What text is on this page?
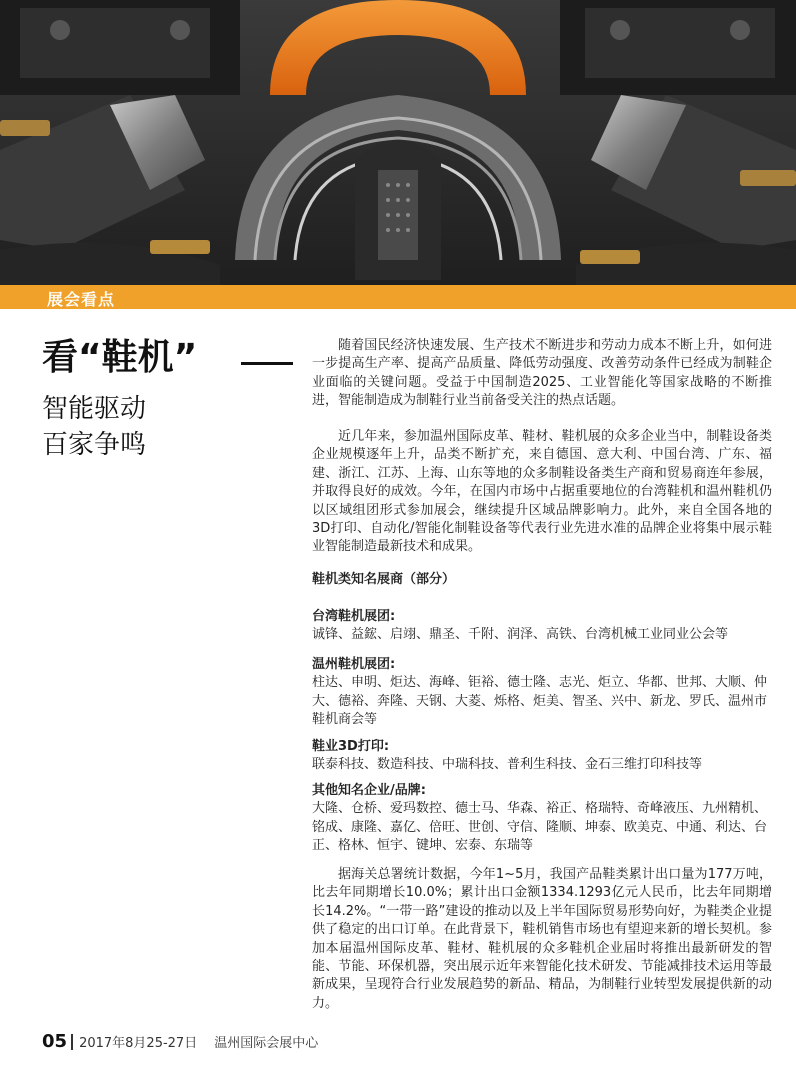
展会看点
看“鞋机”
智能驱动
百家争鸣
随着国民经济快速发展、生产技术不断进步和劳动力成本不断上升，如何进一步提高生产率、提高产品质量、降低劳动强度、改善劳动条件已经成为制鞋企业面临的关键问题。受益于中国制造2025、工业智能化等国家战略的不断推进，智能制造成为制鞋行业当前备受关注的热点话题。
近几年来，参加温州国际皮革、鞋材、鞋机展的众多企业当中，制鞋设备类企业规模逐年上升，品类不断扩充，来自德国、意大利、中国台湾、广东、福建、浙江、江苏、上海、山东等地的众多制鞋设备类生产商和贸易商连年参展，并取得良好的成效。今年，在国内市场中占据重要地位的台湾鞋机和温州鞋机仍以区域组团形式参加展会，继续提升区域品牌影响力。此外，来自全国各地的3D打印、自动化/智能化制鞋设备等代表行业先进水准的品牌企业将集中展示鞋业智能制造最新技术和成果。
鞋机类知名展商（部分）
台湾鞋机展团:
诚锋、益鋐、启翊、鼎圣、千附、润泽、高铁、台湾机械工业同业公会等
温州鞋机展团:
柱达、申明、炬达、海峰、钜裕、德士隆、志光、炬立、华都、世邦、大顺、仲大、德裕、奔隆、天钢、大菱、烁格、炬美、智圣、兴中、新龙、罗氏、温州市鞋机商会等
鞋业3D打印:
联泰科技、数造科技、中瑞科技、普利生科技、金石三维打印科技等
其他知名企业/品牌:
大隆、仓桥、爱玛数控、德士马、华森、裕正、格瑞特、奇峰液压、九州精机、铭成、康隆、嘉亿、倍旺、世创、守信、隆顺、坤泰、欧美克、中通、利达、台正、格林、恒宇、键坤、宏泰、东瑞等
据海关总署统计数据，今年1~5月，我国产品鞋类累计出口量为177万吨，比去年同期增长10.0%；累计出口金额1334.1293亿元人民币，比去年同期增长14.2%。“一带一路”建设的推动以及上半年国际贸易形势向好，为鞋类企业提供了稳定的出口订单。在此背景下，鞋机销售市场也有望迎来新的增长契机。参加本届温州国际皮革、鞋材、鞋机展的众多鞋机企业届时将推出最新研发的智能、节能、环保机器，突出展示近年来智能化技术研发、节能减排技术运用等最新成果，呈现符合行业发展趋势的新品、精品，为制鞋行业转型发展提供新的动力。
05 2017年8月25-27日 温州国际会展中心
